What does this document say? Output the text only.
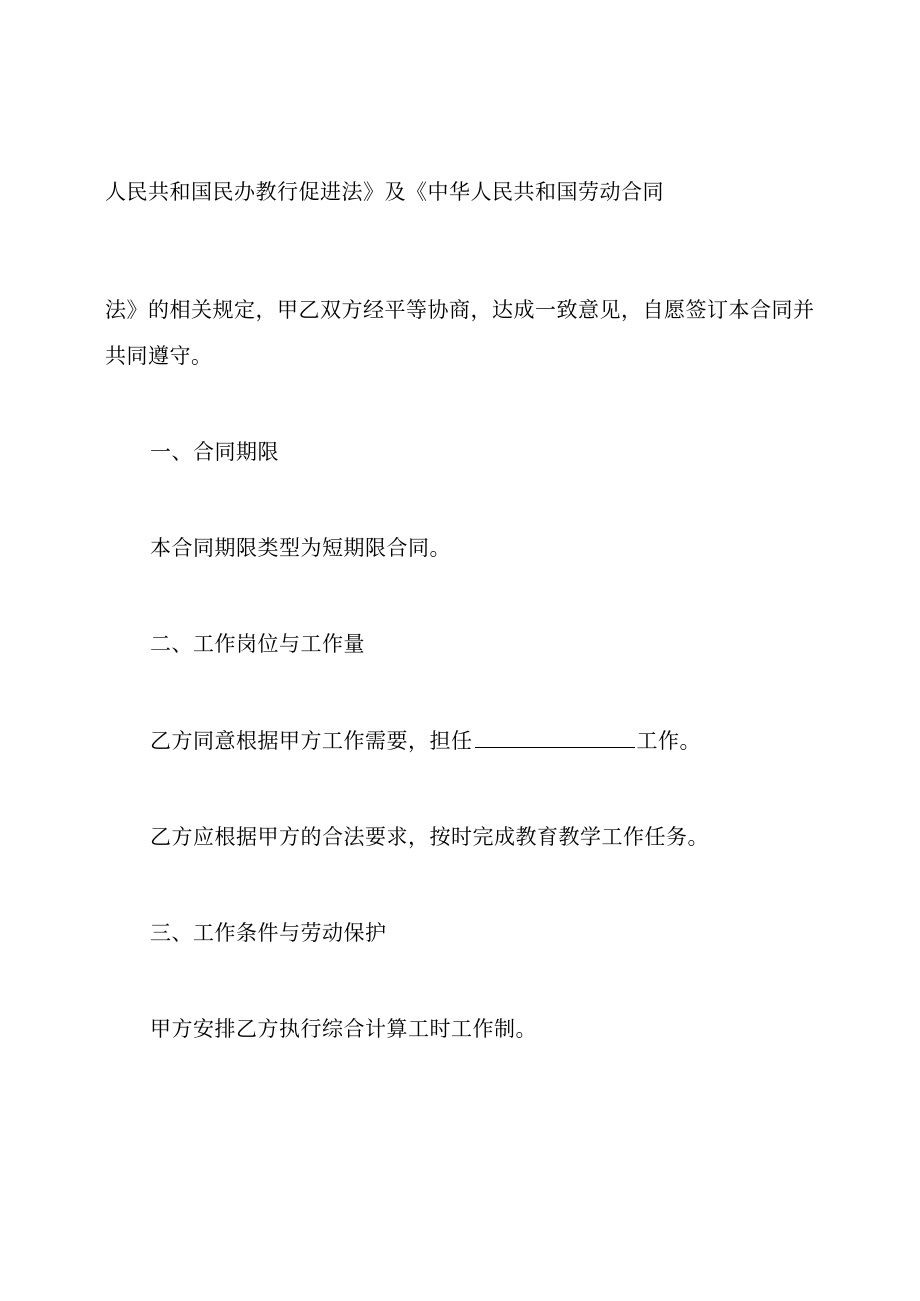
人民共和国民办教行促进法》及《中华人民共和国劳动合同

法》的相关规定，甲乙双方经平等协商，达成一致意见，自愿签订本合同并

共同遵守。

一、合同期限

本合同期限类型为短期限合同。

二、工作岗位与工作量

乙方同意根据甲方工作需要，担任	工作。

乙方应根据甲方的合法要求，按时完成教育教学工作任务。

三、工作条件与劳动保护

甲方安排乙方执行综合计算工时工作制。
